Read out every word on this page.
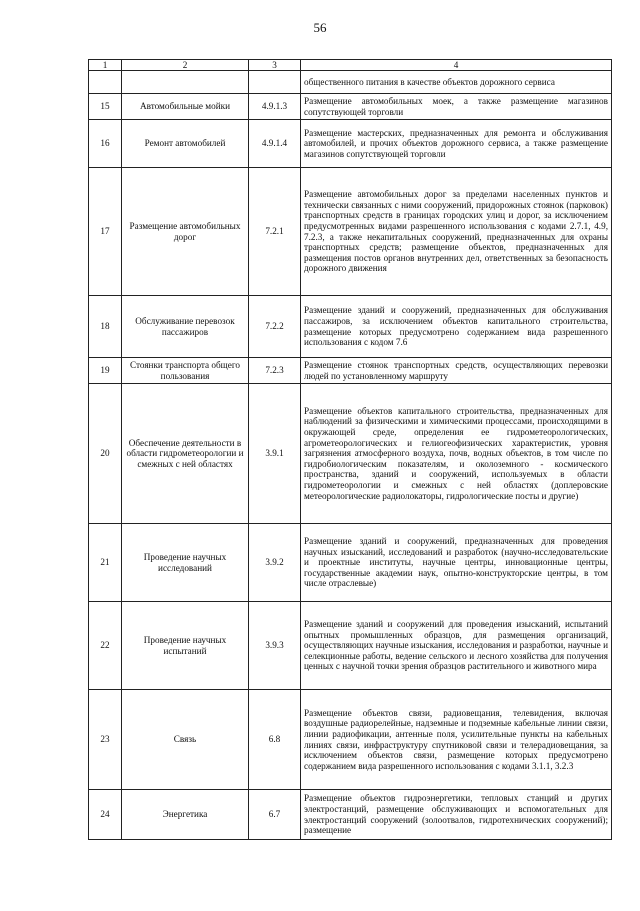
56
1	2	3	4
			общественного питания в качестве объектов дорожного сервиса
15	Автомобильные мойки	4.9.1.3	Размещение автомобильных моек, а также размещение магазинов сопутствующей торговли
16	Ремонт автомобилей	4.9.1.4	Размещение мастерских, предназначенных для ремонта и обслуживания автомобилей, и прочих объектов дорожного сервиса, а также размещение магазинов сопутствующей торговли
17	Размещение автомобильных дорог	7.2.1	Размещение автомобильных дорог за пределами населенных пунктов и технически связанных с ними сооружений, придорожных стоянок (парковок) транспортных средств в границах городских улиц и дорог, за исключением предусмотренных видами разрешенного использования с кодами 2.7.1, 4.9, 7.2.3, а также некапитальных сооружений, предназначенных для охраны транспортных средств; размещение объектов, предназначенных для размещения постов органов внутренних дел, ответственных за безопасность дорожного движения
18	Обслуживание перевозок пассажиров	7.2.2	Размещение зданий и сооружений, предназначенных для обслуживания пассажиров, за исключением объектов капитального строительства, размещение которых предусмотрено содержанием вида разрешенного использования с кодом 7.6
19	Стоянки транспорта общего пользования	7.2.3	Размещение стоянок транспортных средств, осуществляющих перевозки людей по установленному маршруту
20	Обеспечение деятельности в области гидрометеорологии и смежных с ней областях	3.9.1	Размещение объектов капитального строительства, предназначенных для наблюдений за физическими и химическими процессами, происходящими в окружающей среде, определения ее гидрометеорологических, агрометеорологических и гелиогеофизических характеристик, уровня загрязнения атмосферного воздуха, почв, водных объектов, в том числе по гидробиологическим показателям, и околоземного - космического пространства, зданий и сооружений, используемых в области гидрометеорологии и смежных с ней областях (доплеровские метеорологические радиолокаторы, гидрологические посты и другие)
21	Проведение научных исследований	3.9.2	Размещение зданий и сооружений, предназначенных для проведения научных изысканий, исследований и разработок (научно-исследовательские и проектные институты, научные центры, инновационные центры, государственные академии наук, опытно-конструкторские центры, в том числе отраслевые)
22	Проведение научных испытаний	3.9.3	Размещение зданий и сооружений для проведения изысканий, испытаний опытных промышленных образцов, для размещения организаций, осуществляющих научные изыскания, исследования и разработки, научные и селекционные работы, ведение сельского и лесного хозяйства для получения ценных с научной точки зрения образцов растительного и животного мира
23	Связь	6.8	Размещение объектов связи, радиовещания, телевидения, включая воздушные радиорелейные, надземные и подземные кабельные линии связи, линии радиофикации, антенные поля, усилительные пункты на кабельных линиях связи, инфраструктуру спутниковой связи и телерадиовещания, за исключением объектов связи, размещение которых предусмотрено содержанием вида разрешенного использования с кодами 3.1.1, 3.2.3
24	Энергетика	6.7	Размещение объектов гидроэнергетики, тепловых станций и других электростанций, размещение обслуживающих и вспомогательных для электростанций сооружений (золоотвалов, гидротехнических сооружений); размещение
